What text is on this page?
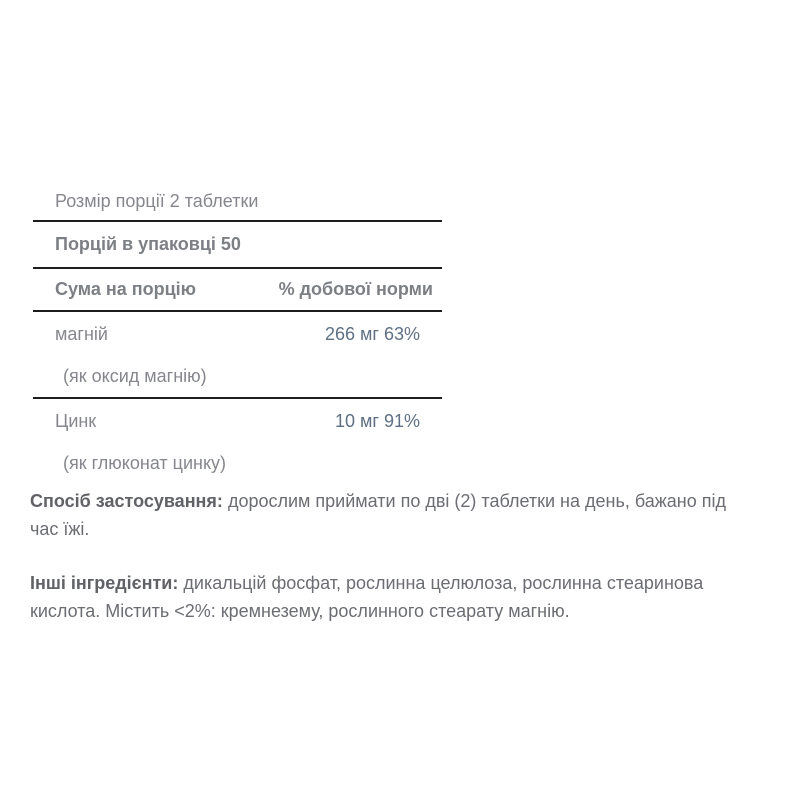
Розмір порції 2 таблетки
Порцій в упаковці 50
Сума на порцію	% добової норми
магній	266 мг 63%
(як оксид магнію)
Цинк	10 мг 91%
(як глюконат цинку)

Спосіб застосування: дорослим приймати по дві (2) таблетки на день, бажано під час їжі.

Інші інгредієнти: дикальцій фосфат, рослинна целюлоза, рослинна стеаринова кислота. Містить <2%: кремнезему, рослинного стеарату магнію.
